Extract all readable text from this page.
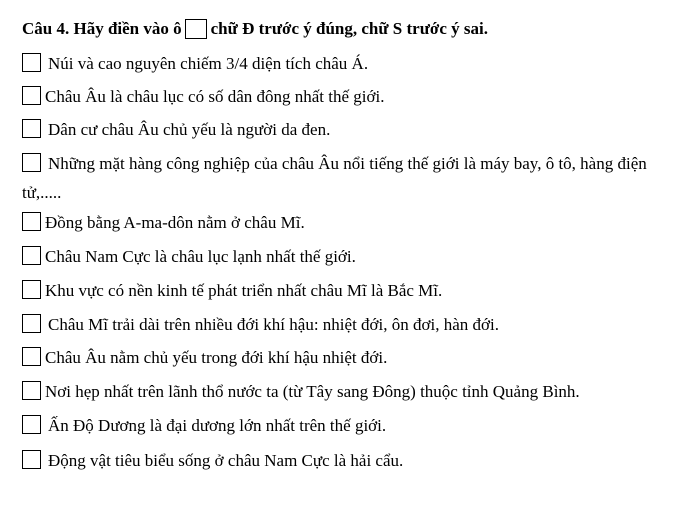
Câu 4. Hãy điền vào ô chữ Đ trước ý đúng, chữ S trước ý sai.
Núi và cao nguyên chiếm 3/4 diện tích châu Á.
Châu Âu là châu lục có số dân đông nhất thế giới.
Dân cư châu Âu chủ yếu là người da đen.
Những mặt hàng công nghiệp của châu Âu nổi tiếng thế giới là máy bay, ô tô, hàng điện tử,.....
Đồng bằng A-ma-dôn nằm ở châu Mĩ.
Châu Nam Cực là châu lục lạnh nhất thế giới.
Khu vực có nền kinh tế phát triển nhất châu Mĩ là Bắc Mĩ.
Châu Mĩ trải dài trên nhiều đới khí hậu: nhiệt đới, ôn đơi, hàn đới.
Châu Âu nằm chủ yếu trong đới khí hậu nhiệt đới.
Nơi hẹp nhất trên lãnh thổ nước ta (từ Tây sang Đông) thuộc tỉnh Quảng Bình.
Ấn Độ Dương là đại dương lớn nhất trên thế giới.
Động vật tiêu biểu sống ở châu Nam Cực là hải cẩu.
